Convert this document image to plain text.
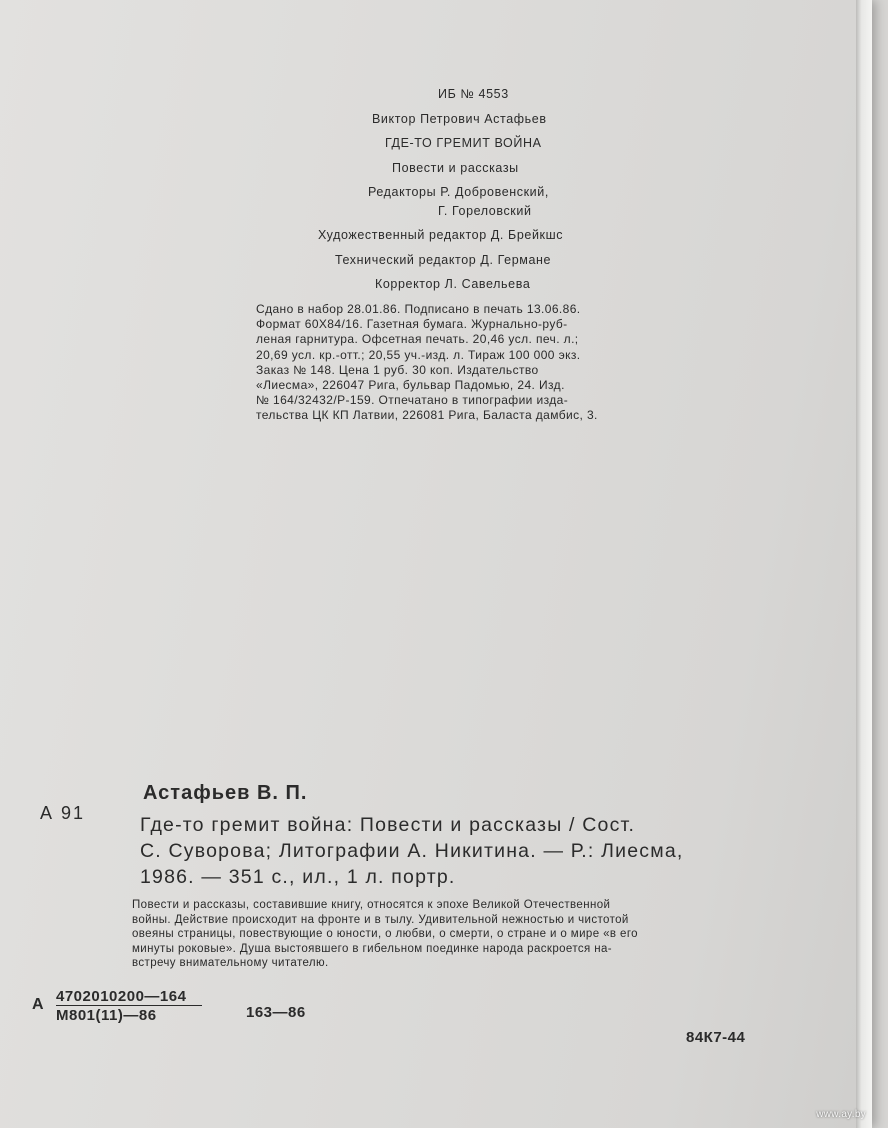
ИБ № 4553
Виктор Петрович Астафьев
ГДЕ-ТО ГРЕМИТ ВОЙНА
Повести и рассказы
Редакторы Р. Добровенский,
Г. Гореловский
Художественный редактор Д. Брейкшс
Технический редактор Д. Германе
Корректор Л. Савельева
Сдано в набор 28.01.86. Подписано в печать 13.06.86.
Формат 60Х84/16. Газетная бумага. Журнально-руб-
леная гарнитура. Офсетная печать. 20,46 усл. печ. л.;
20,69 усл. кр.-отт.; 20,55 уч.-изд. л. Тираж 100 000 экз.
Заказ № 148. Цена 1 руб. 30 коп. Издательство
«Лиесма», 226047 Рига, бульвар Падомью, 24. Изд.
№ 164/32432/Р-159. Отпечатано в типографии изда-
тельства ЦК КП Латвии, 226081 Рига, Баласта дамбис, 3.
Астафьев В. П.
А 91
Где-то гремит война: Повести и рассказы / Сост.
С. Суворова; Литографии А. Никитина. — Р.: Лиесма,
1986. — 351 с., ил., 1 л. портр.
Повести и рассказы, составившие книгу, относятся к эпохе Великой Отечественной
войны. Действие происходит на фронте и в тылу. Удивительной нежностью и чистотой
овеяны страницы, повествующие о юности, о любви, о смерти, о стране и о мире «в его
минуты роковые». Душа выстоявшего в гибельном поединке народа раскроется на-
встречу внимательному читателю.
А 4702010200—164
М801(11)—86	163—86
84К7-44
www.ay.by
